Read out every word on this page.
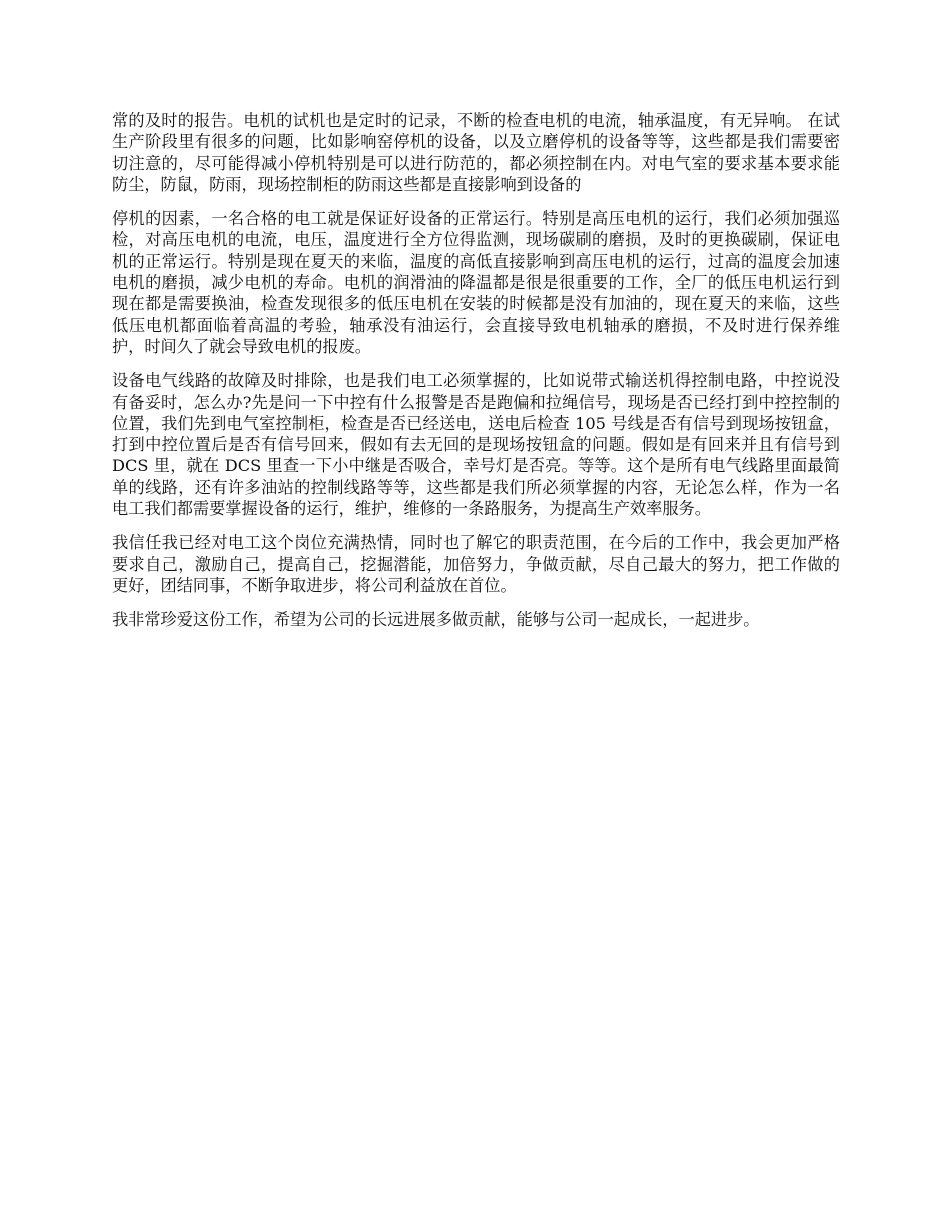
常的及时的报告。电机的试机也是定时的记录，不断的检查电机的电流，轴承温度，有无异响。 在试生产阶段里有很多的问题，比如影响窑停机的设备，以及立磨停机的设备等等，这些都是我们需要密切注意的，尽可能得减小停机特别是可以进行防范的，都必须控制在内。对电气室的要求基本要求能防尘，防鼠，防雨，现场控制柜的防雨这些都是直接影响到设备的

停机的因素，一名合格的电工就是保证好设备的正常运行。特别是高压电机的运行，我们必须加强巡检，对高压电机的电流，电压，温度进行全方位得监测，现场碳刷的磨损，及时的更换碳刷，保证电机的正常运行。特别是现在夏天的来临，温度的高低直接影响到高压电机的运行，过高的温度会加速电机的磨损，减少电机的寿命。电机的润滑油的降温都是很是很重要的工作，全厂的低压电机运行到现在都是需要换油，检查发现很多的低压电机在安装的时候都是没有加油的，现在夏天的来临，这些低压电机都面临着高温的考验，轴承没有油运行，会直接导致电机轴承的磨损，不及时进行保养维护，时间久了就会导致电机的报废。

设备电气线路的故障及时排除，也是我们电工必须掌握的，比如说带式输送机得控制电路，中控说没有备妥时，怎么办?先是问一下中控有什么报警是否是跑偏和拉绳信号，现场是否已经打到中控控制的位置，我们先到电气室控制柜，检查是否已经送电，送电后检查 105 号线是否有信号到现场按钮盒，打到中控位置后是否有信号回来，假如有去无回的是现场按钮盒的问题。假如是有回来并且有信号到 DCS 里，就在 DCS 里查一下小中继是否吸合，幸号灯是否亮。等等。这个是所有电气线路里面最简单的线路，还有许多油站的控制线路等等，这些都是我们所必须掌握的内容，无论怎么样，作为一名电工我们都需要掌握设备的运行，维护，维修的一条路服务，为提高生产效率服务。

我信任我已经对电工这个岗位充满热情，同时也了解它的职责范围，在今后的工作中，我会更加严格要求自己，激励自己，提高自己，挖掘潜能，加倍努力，争做贡献，尽自己最大的努力，把工作做的更好，团结同事，不断争取进步，将公司利益放在首位。

我非常珍爱这份工作，希望为公司的长远进展多做贡献，能够与公司一起成长，一起进步。
